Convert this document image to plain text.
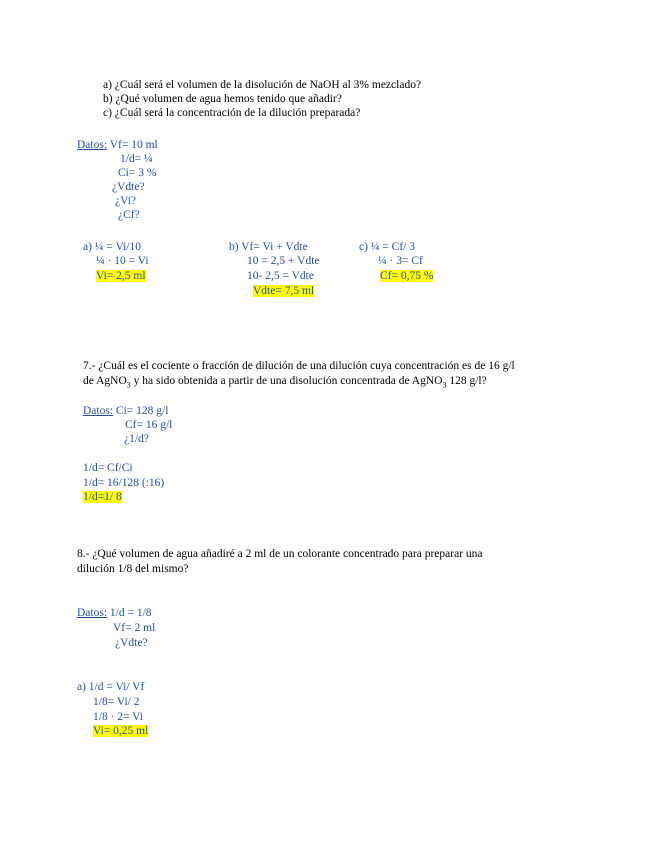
a) ¿Cuál será el volumen de la disolución de NaOH al 3% mezclado?
b) ¿Qué volumen de agua hemos tenido que añadir?
c) ¿Cuál será la concentración de la dilución preparada?
Datos: Vf= 10 ml
1/d= ¼
Ci= 3 %
¿Vdte?
¿Vi?
¿Cf?
a) ¼ = Vi/10
¼ · 10 = Vi
Vi= 2,5 ml
b) Vf= Vi + Vdte
10 = 2,5 + Vdte
10- 2,5 = Vdte
Vdte= 7,5 ml
c) ¼ = Cf/ 3
¼ · 3= Cf
Cf= 0,75 %
7.- ¿Cuál es el cociente o fracción de dilución de una dilución cuya concentración es de 16 g/l
de AgNO$_3$ y ha sido obtenida a partir de una disolución concentrada de AgNO$_3$ 128 g/l?
Datos: Ci= 128 g/l
Cf= 16 g/l
¿1/d?
1/d= Cf/Ci
1/d= 16/128 (:16)
1/d=1/ 8
8.- ¿Qué volumen de agua añadiré a 2 ml de un colorante concentrado para preparar una
dilución 1/8 del mismo?
Datos: 1/d = 1/8
Vf= 2 ml
¿Vdte?
a) 1/d = Vi/ Vf
1/8= Vi/ 2
1/8 · 2= Vi
Vi= 0,25 ml
